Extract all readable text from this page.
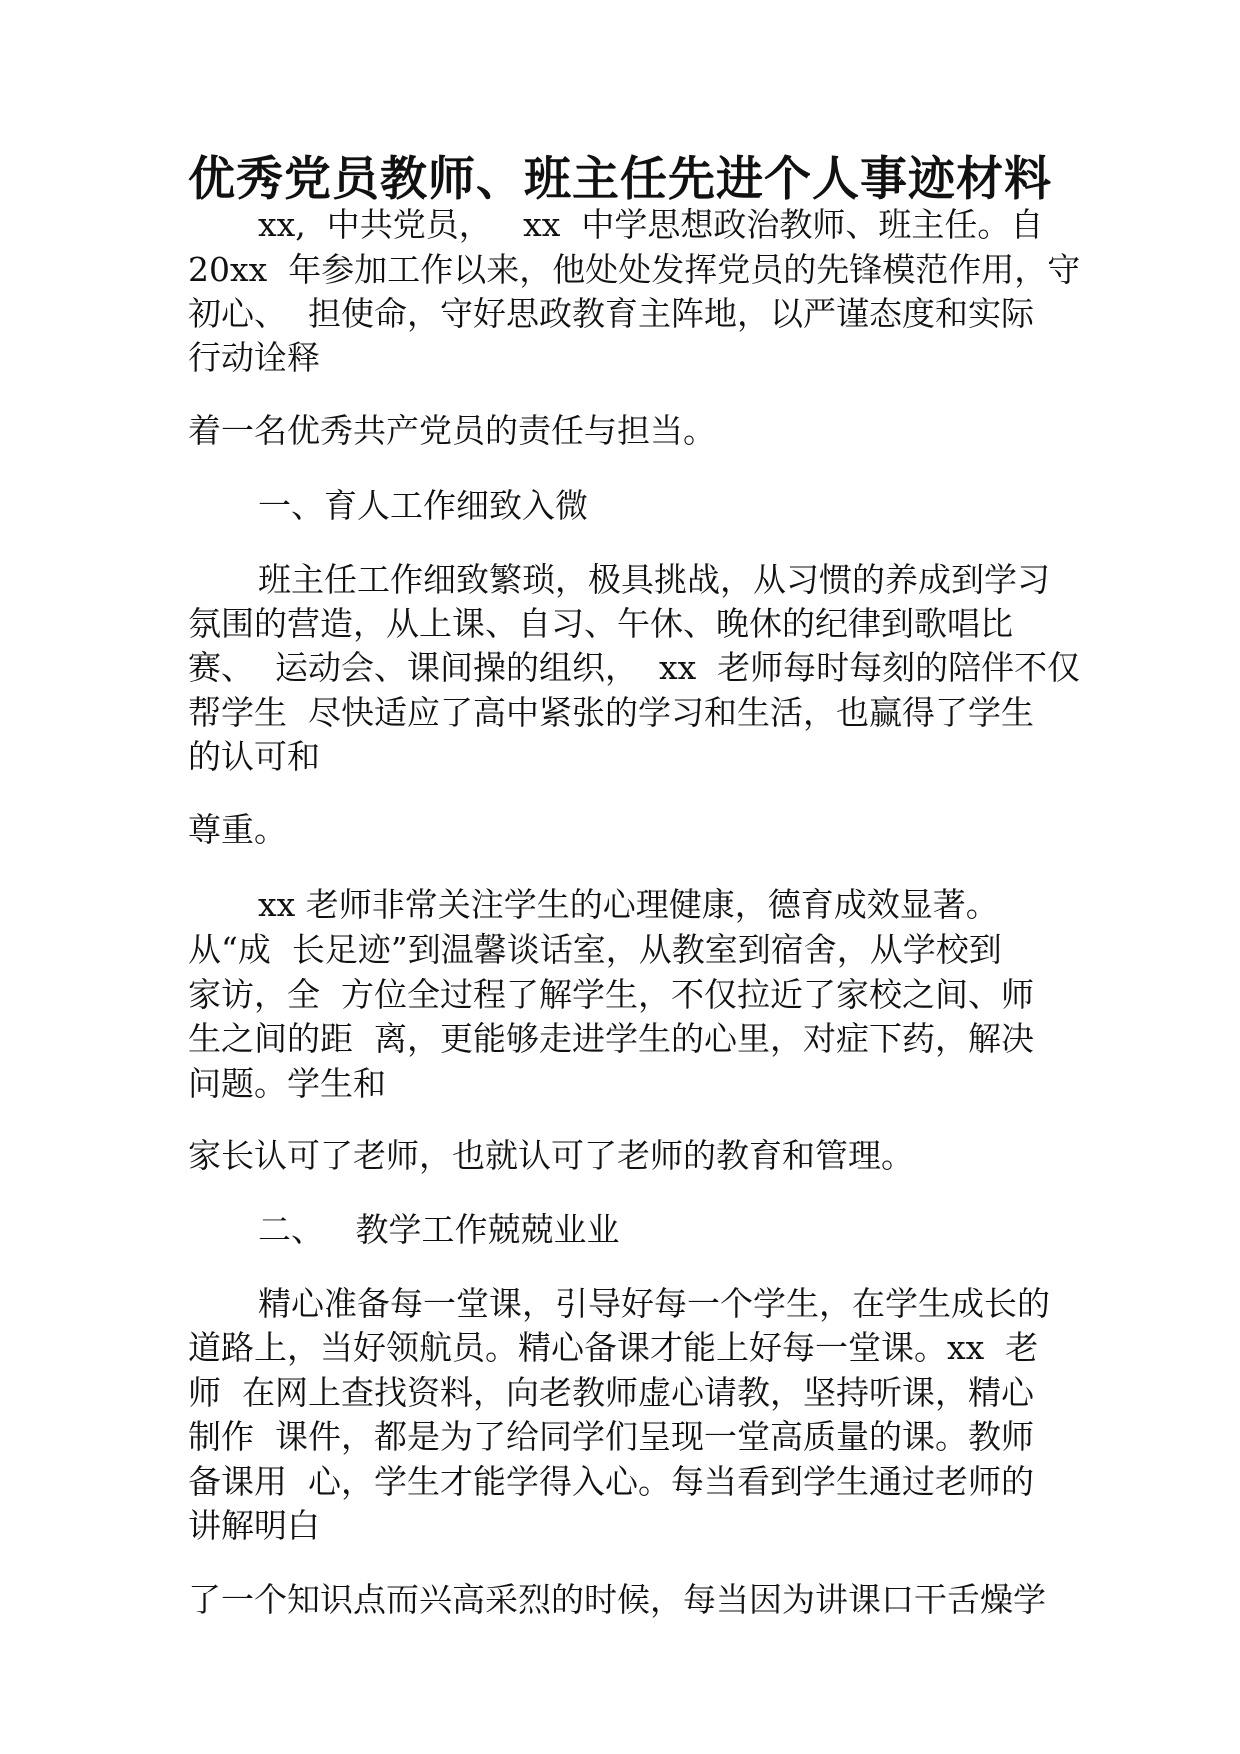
优秀党员教师、班主任先进个人事迹材料
xx,  中共党员，   xx  中学思想政治教师、班主任。自
20xx  年参加工作以来，他处处发挥党员的先锋模范作用，守
初心、  担使命，守好思政教育主阵地，以严谨态度和实际
行动诠释
着一名优秀共产党员的责任与担当。
一、育人工作细致入微
班主任工作细致繁琐，极具挑战，从习惯的养成到学习
氛围的营造，从上课、自习、午休、晚休的纪律到歌唱比
赛、  运动会、课间操的组织，  xx  老师每时每刻的陪伴不仅
帮学生  尽快适应了高中紧张的学习和生活，也赢得了学生
的认可和
尊重。
xx 老师非常关注学生的心理健康，德育成效显著。
从“成  长足迹”到温馨谈话室，从教室到宿舍，从学校到
家访，全  方位全过程了解学生，不仅拉近了家校之间、师
生之间的距  离，更能够走进学生的心里，对症下药，解决
问题。学生和
家长认可了老师，也就认可了老师的教育和管理。
二、   教学工作兢兢业业
精心准备每一堂课，引导好每一个学生，在学生成长的
道路上，当好领航员。精心备课才能上好每一堂课。xx  老
师  在网上查找资料，向老教师虚心请教，坚持听课，精心
制作  课件，都是为了给同学们呈现一堂高质量的课。教师
备课用  心，学生才能学得入心。每当看到学生通过老师的
讲解明白
了一个知识点而兴高采烈的时候，每当因为讲课口干舌燥学
